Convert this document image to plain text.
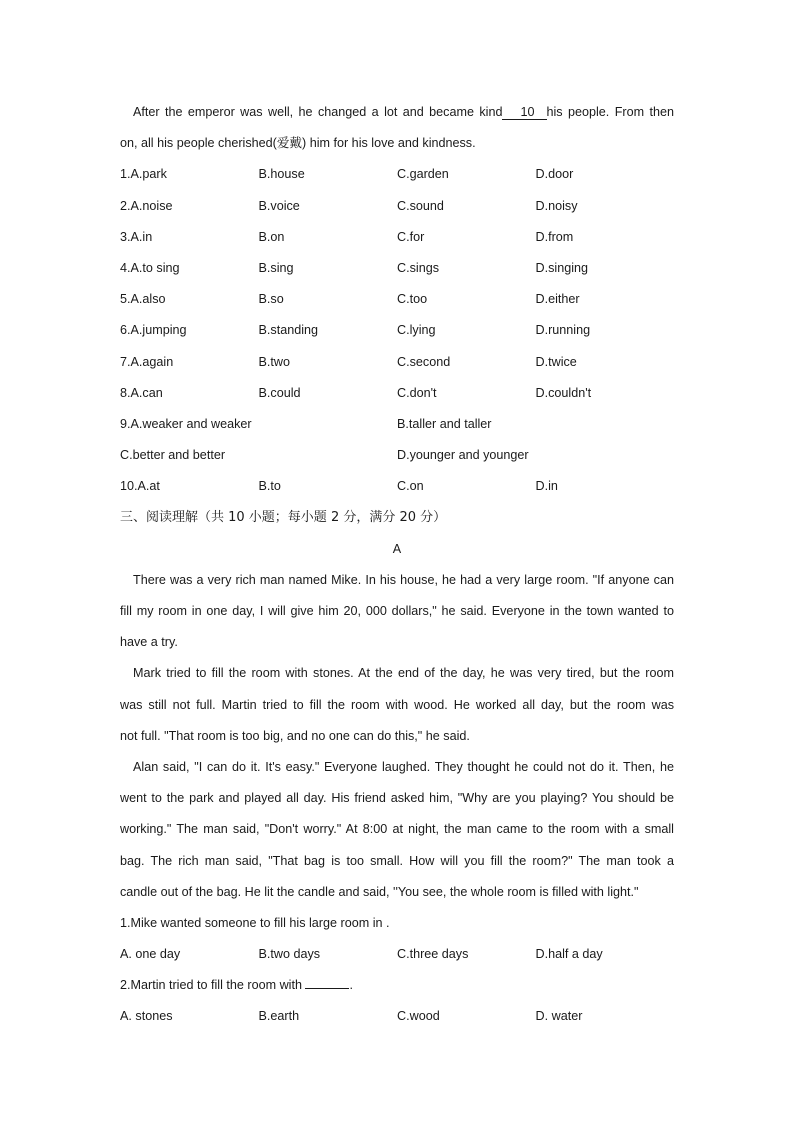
After the emperor was well, he changed a lot and became kind 10 his people. From then
on, all his people cherished(爱戴) him for his love and kindness.
1.A.park	B.house	C.garden	D.door
2.A.noise	B.voice	C.sound	D.noisy
3.A.in	B.on	C.for	D.from
4.A.to sing	B.sing	C.sings	D.singing
5.A.also	B.so	C.too	D.either
6.A.jumping	B.standing	C.lying	D.running
7.A.again	B.two	C.second	D.twice
8.A.can	B.could	C.don't	D.couldn't
9.A.weaker and weaker	B.taller and taller
C.better and better	D.younger and younger
10.A.at	B.to	C.on	D.in
三、阅读理解（共 10 小题；每小题 2 分，满分 20 分）
A
There was a very rich man named Mike. In his house, he had a very large room. "If anyone can
fill my room in one day, I will give him 20, 000 dollars," he said. Everyone in the town wanted to
have a try.
Mark tried to fill the room with stones. At the end of the day, he was very tired, but the room
was still not full. Martin tried to fill the room with wood. He worked all day, but the room was
not full. "That room is too big, and no one can do this," he said.
Alan said, "I can do it. It's easy." Everyone laughed. They thought he could not do it. Then, he
went to the park and played all day. His friend asked him, "Why are you playing? You should be
working." The man said, "Don't worry." At 8:00 at night, the man came to the room with a small
bag. The rich man said, "That bag is too small. How will you fill the room?" The man took a
candle out of the bag. He lit the candle and said, ''You see, the whole room is filled with light."
1.Mike wanted someone to fill his large room in .
A. one day	B.two days	C.three days	D.half a day
2.Martin tried to fill the room with	.
A. stones	B.earth	C.wood	D. water
